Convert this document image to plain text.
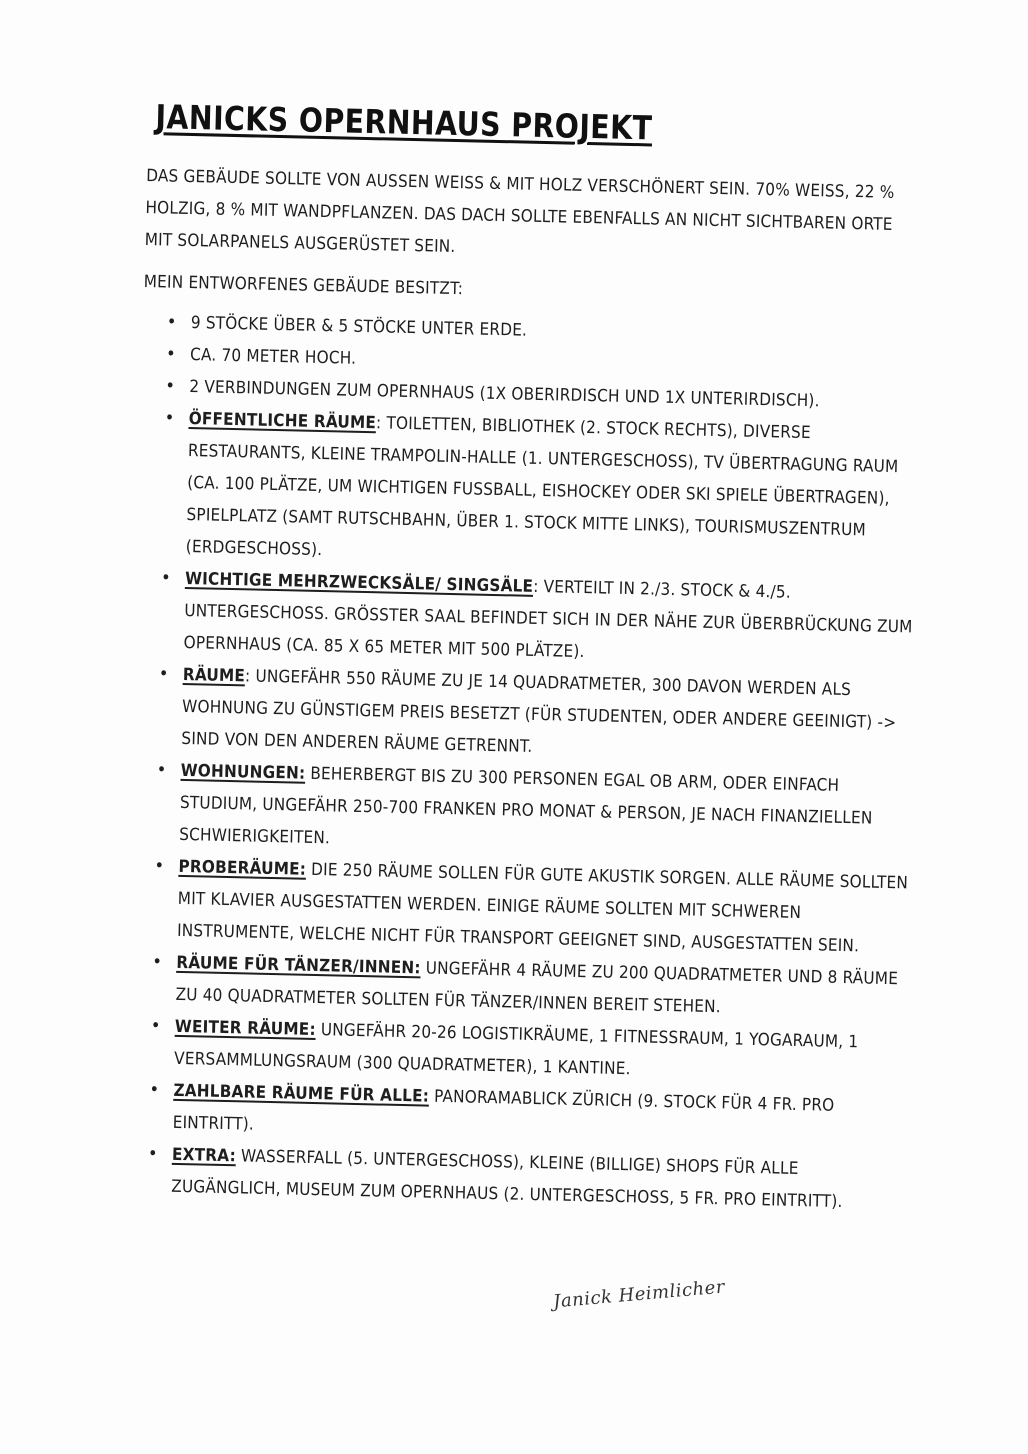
JANICKS OPERNHAUS PROJEKT

DAS GEBÄUDE SOLLTE VON AUSSEN WEISS & MIT HOLZ VERSCHÖNERT SEIN. 70% WEISS, 22 % HOLZIG, 8 % MIT WANDPFLANZEN. DAS DACH SOLLTE EBENFALLS AN NICHT SICHTBAREN ORTE MIT SOLARPANELS AUSGERÜSTET SEIN.

MEIN ENTWORFENES GEBÄUDE BESITZT:

• 9 STÖCKE ÜBER & 5 STÖCKE UNTER ERDE.
• CA. 70 METER HOCH.
• 2 VERBINDUNGEN ZUM OPERNHAUS (1X OBERIRDISCH UND 1X UNTERIRDISCH).
• ÖFFENTLICHE RÄUME: TOILETTEN, BIBLIOTHEK (2. STOCK RECHTS), DIVERSE RESTAURANTS, KLEINE TRAMPOLIN-HALLE (1. UNTERGESCHOSS), TV ÜBERTRAGUNG RAUM (CA. 100 PLÄTZE, UM WICHTIGEN FUSSBALL, EISHOCKEY ODER SKI SPIELE ÜBERTRAGEN), SPIELPLATZ (SAMT RUTSCHBAHN, ÜBER 1. STOCK MITTE LINKS), TOURISMUSZENTRUM (ERDGESCHOSS).
• WICHTIGE MEHRZWECKSÄLE/ SINGSÄLE: VERTEILT IN 2./3. STOCK & 4./5. UNTERGESCHOSS. GRÖSSTER SAAL BEFINDET SICH IN DER NÄHE ZUR ÜBERBRÜCKUNG ZUM OPERNHAUS (CA. 85 X 65 METER MIT 500 PLÄTZE).
• RÄUME: UNGEFÄHR 550 RÄUME ZU JE 14 QUADRATMETER, 300 DAVON WERDEN ALS WOHNUNG ZU GÜNSTIGEM PREIS BESETZT (FÜR STUDENTEN, ODER ANDERE GEEINIGT) -> SIND VON DEN ANDEREN RÄUME GETRENNT.
• WOHNUNGEN: BEHERBERGT BIS ZU 300 PERSONEN EGAL OB ARM, ODER EINFACH STUDIUM, UNGEFÄHR 250-700 FRANKEN PRO MONAT & PERSON, JE NACH FINANZIELLEN SCHWIERIGKEITEN.
• PROBERÄUME: DIE 250 RÄUME SOLLEN FÜR GUTE AKUSTIK SORGEN. ALLE RÄUME SOLLTEN MIT KLAVIER AUSGESTATTEN WERDEN. EINIGE RÄUME SOLLTEN MIT SCHWEREN INSTRUMENTE, WELCHE NICHT FÜR TRANSPORT GEEIGNET SIND, AUSGESTATTEN SEIN.
• RÄUME FÜR TÄNZER/INNEN: UNGEFÄHR 4 RÄUME ZU 200 QUADRATMETER UND 8 RÄUME ZU 40 QUADRATMETER SOLLTEN FÜR TÄNZER/INNEN BEREIT STEHEN.
• WEITER RÄUME: UNGEFÄHR 20-26 LOGISTIKRÄUME, 1 FITNESSRAUM, 1 YOGARAUM, 1 VERSAMMLUNGSRAUM (300 QUADRATMETER), 1 KANTINE.
• ZAHLBARE RÄUME FÜR ALLE: PANORAMABLICK ZÜRICH (9. STOCK FÜR 4 FR. PRO EINTRITT).
• EXTRA: WASSERFALL (5. UNTERGESCHOSS), KLEINE (BILLIGE) SHOPS FÜR ALLE ZUGÄNGLICH, MUSEUM ZUM OPERNHAUS (2. UNTERGESCHOSS, 5 FR. PRO EINTRITT).
Janick Heimlicher
